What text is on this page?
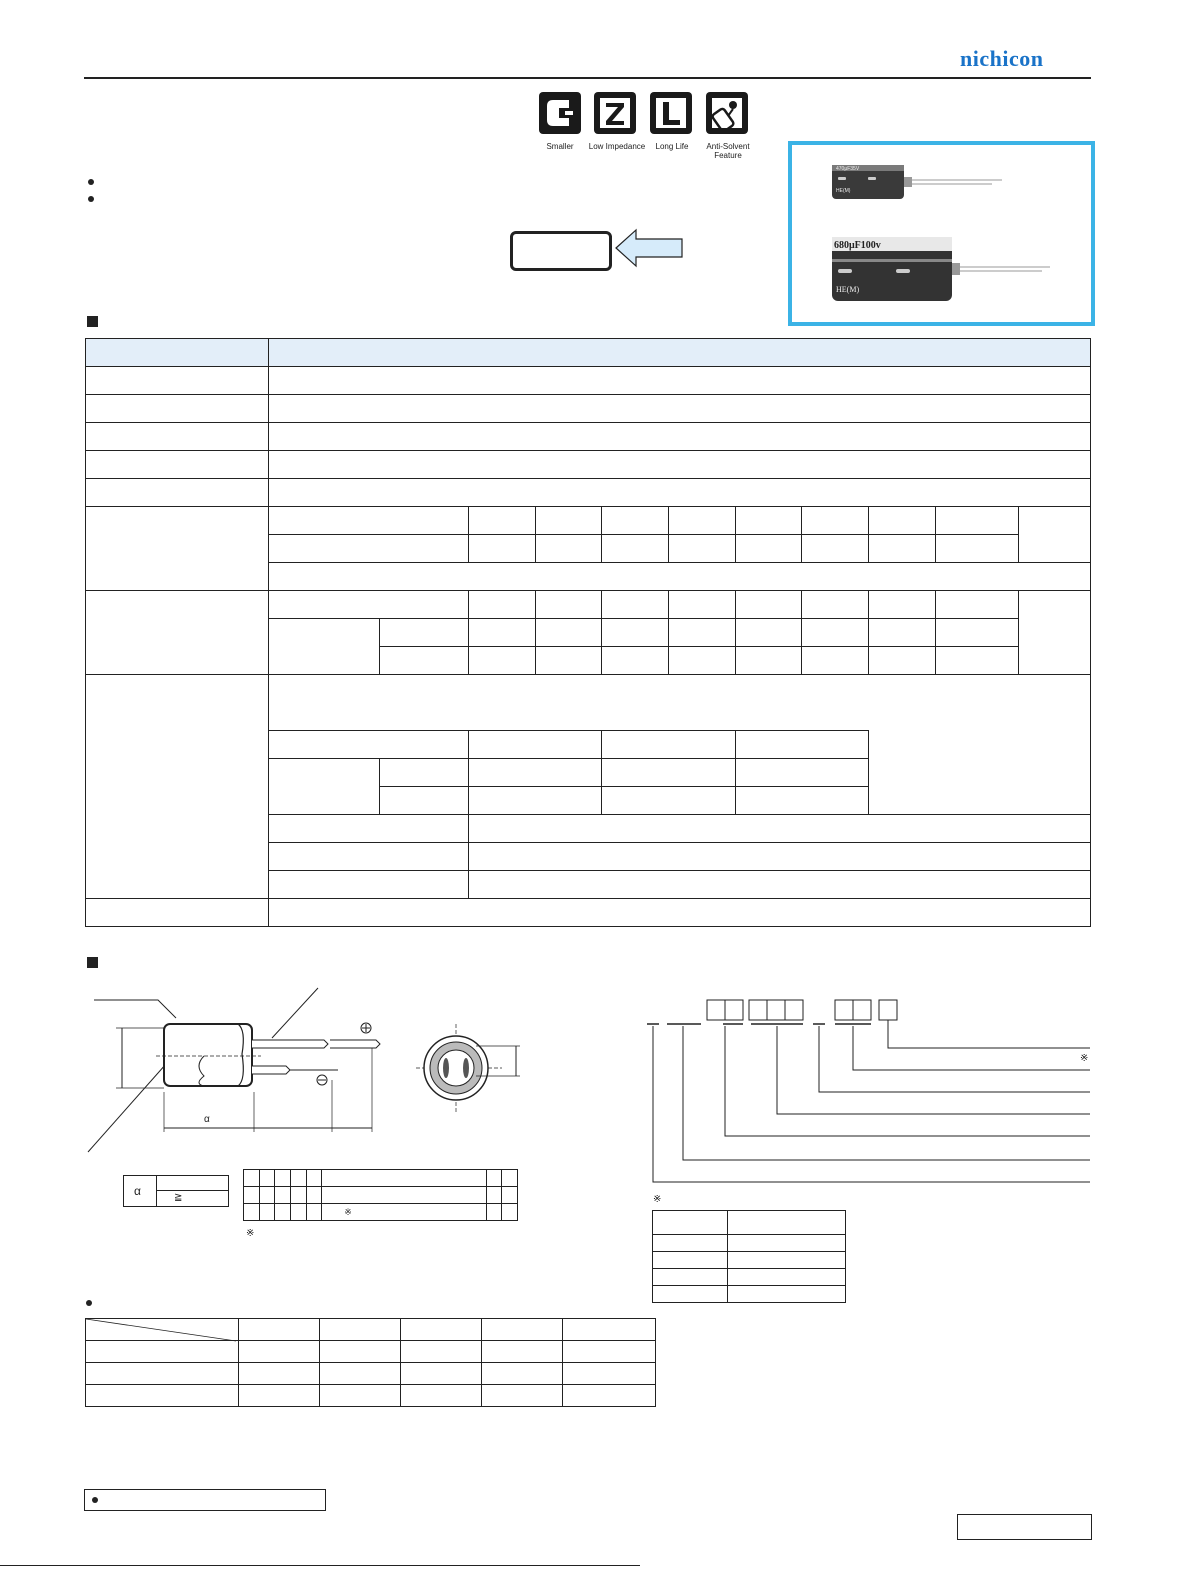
nichicon
Smaller	Low Impedance	Long Life	Anti-Solvent Feature
470μF35V
HE(M)
680μF100v
HE(M)

α
α	≧

					※		
※
※
※
